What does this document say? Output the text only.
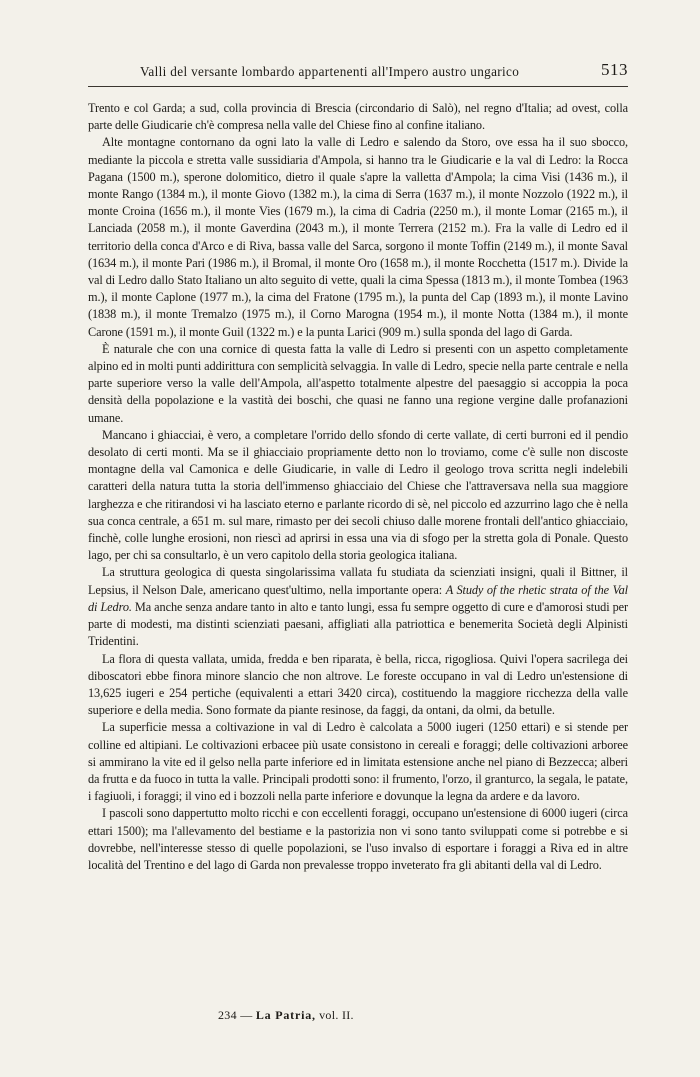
Valli del versante lombardo appartenenti all'Impero austro ungarico	513

Trento e col Garda; a sud, colla provincia di Brescia (circondario di Salò), nel regno d'Italia; ad ovest, colla parte delle Giudicarie ch'è compresa nella valle del Chiese fino al confine italiano.

Alte montagne contornano da ogni lato la valle di Ledro e salendo da Storo, ove essa ha il suo sbocco, mediante la piccola e stretta valle sussidiaria d'Ampola, si hanno tra le Giudicarie e la val di Ledro: la Rocca Pagana (1500 m.), sperone dolomitico, dietro il quale s'apre la valletta d'Ampola; la cima Visi (1436 m.), il monte Rango (1384 m.), il monte Giovo (1382 m.), la cima di Serra (1637 m.), il monte Nozzolo (1922 m.), il monte Croina (1656 m.), il monte Vies (1679 m.), la cima di Cadria (2250 m.), il monte Lomar (2165 m.), il Lanciada (2058 m.), il monte Gaverdina (2043 m.), il monte Terrera (2152 m.). Fra la valle di Ledro ed il territorio della conca d'Arco e di Riva, bassa valle del Sarca, sorgono il monte Toffin (2149 m.), il monte Saval (1634 m.), il monte Pari (1986 m.), il Bromal, il monte Oro (1658 m.), il monte Rocchetta (1517 m.). Divide la val di Ledro dallo Stato Italiano un alto seguito di vette, quali la cima Spessa (1813 m.), il monte Tombea (1963 m.), il monte Caplone (1977 m.), la cima del Fratone (1795 m.), la punta del Cap (1893 m.), il monte Lavino (1838 m.), il monte Tremalzo (1975 m.), il Corno Marogna (1954 m.), il monte Notta (1384 m.), il monte Carone (1591 m.), il monte Guil (1322 m.) e la punta Larici (909 m.) sulla sponda del lago di Garda.

È naturale che con una cornice di questa fatta la valle di Ledro si presenti con un aspetto completamente alpino ed in molti punti addirittura con semplicità selvaggia. In valle di Ledro, specie nella parte centrale e nella parte superiore verso la valle dell'Ampola, all'aspetto totalmente alpestre del paesaggio si accoppia la poca densità della popolazione e la vastità dei boschi, che quasi ne fanno una regione vergine dalle profanazioni umane.

Mancano i ghiacciai, è vero, a completare l'orrido dello sfondo di certe vallate, di certi burroni ed il pendio desolato di certi monti. Ma se il ghiacciaio propriamente detto non lo troviamo, come c'è sulle non discoste montagne della val Camonica e delle Giudicarie, in valle di Ledro il geologo trova scritta negli indelebili caratteri della natura tutta la storia dell'immenso ghiacciaio del Chiese che l'attraversava nella sua maggiore larghezza e che ritirandosi vi ha lasciato eterno e parlante ricordo di sè, nel piccolo ed azzurrino lago che è nella sua conca centrale, a 651 m. sul mare, rimasto per dei secoli chiuso dalle morene frontali dell'antico ghiacciaio, finchè, colle lunghe erosioni, non riescì ad aprirsi in essa una via di sfogo per la stretta gola di Ponale. Questo lago, per chi sa consultarlo, è un vero capitolo della storia geologica italiana.

La struttura geologica di questa singolarissima vallata fu studiata da scienziati insigni, quali il Bittner, il Lepsius, il Nelson Dale, americano quest'ultimo, nella importante opera: A Study of the rhetic strata of the Val di Ledro. Ma anche senza andare tanto in alto e tanto lungi, essa fu sempre oggetto di cure e d'amorosi studi per parte di modesti, ma distinti scienziati paesani, affigliati alla patriottica e benemerita Società degli Alpinisti Tridentini.

La flora di questa vallata, umida, fredda e ben riparata, è bella, ricca, rigogliosa. Quivi l'opera sacrilega dei diboscatori ebbe finora minore slancio che non altrove. Le foreste occupano in val di Ledro un'estensione di 13,625 iugeri e 254 pertiche (equivalenti a ettari 3420 circa), costituendo la maggiore ricchezza della valle superiore e della media. Sono formate da piante resinose, da faggi, da ontani, da olmi, da betulle.

La superficie messa a coltivazione in val di Ledro è calcolata a 5000 iugeri (1250 ettari) e si stende per colline ed altipiani. Le coltivazioni erbacee più usate consistono in cereali e foraggi; delle coltivazioni arboree si ammirano la vite ed il gelso nella parte inferiore ed in limitata estensione anche nel piano di Bezzecca; alberi da frutta e da fuoco in tutta la valle. Principali prodotti sono: il frumento, l'orzo, il granturco, la segala, le patate, i fagiuoli, i foraggi; il vino ed i bozzoli nella parte inferiore e dovunque la legna da ardere e da lavoro.

I pascoli sono dappertutto molto ricchi e con eccellenti foraggi, occupano un'estensione di 6000 iugeri (circa ettari 1500); ma l'allevamento del bestiame e la pastorizia non vi sono tanto sviluppati come si potrebbe e si dovrebbe, nell'interesse stesso di quelle popolazioni, se l'uso invalso di esportare i foraggi a Riva ed in altre località del Trentino e del lago di Garda non prevalesse troppo inveterato fra gli abitanti della val di Ledro.

234 — La Patria, vol. II.
